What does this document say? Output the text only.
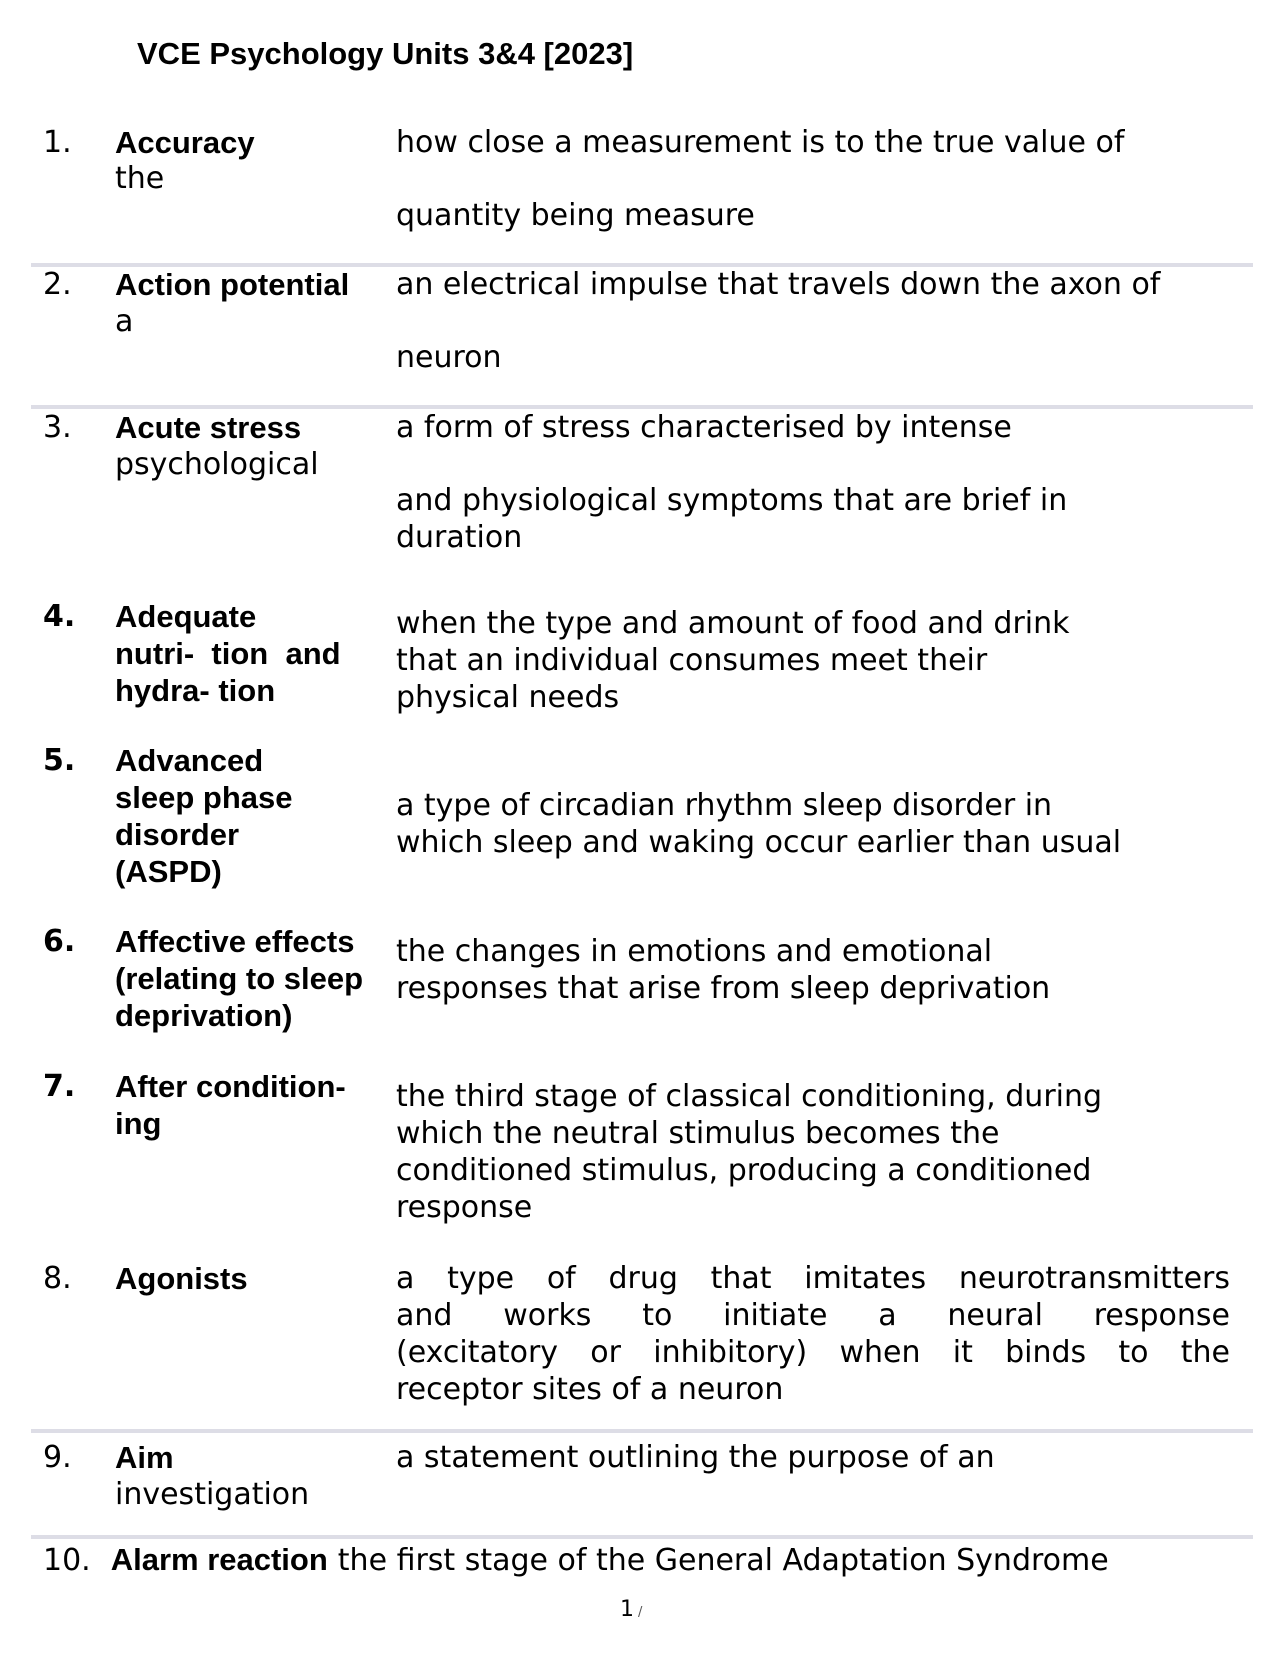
VCE Psychology Units 3&4 [2023]
1. Accuracy
the
how close a measurement is to the true value of
quantity being measure
2. Action potential
a
an electrical impulse that travels down the axon of
neuron
3. Acute stress
psychological
a form of stress characterised by intense
and physiological symptoms that are brief in
duration
4. Adequate
nutri-  tion  and
hydra- tion
when the type and amount of food and drink
that an individual consumes meet their
physical needs
5. Advanced
sleep phase
disorder
(ASPD)
a type of circadian rhythm sleep disorder in
which sleep and waking occur earlier than usual
6. Affective effects
(relating to sleep
deprivation)
the changes in emotions and emotional
responses that arise from sleep deprivation
7. After condition-
ing
the third stage of classical conditioning, during
which the neutral stimulus becomes the
conditioned stimulus, producing a conditioned
response
8. Agonists	a type of drug that imitates neurotransmitters
and works to initiate a neural response
(excitatory or inhibitory) when it binds to the
receptor sites of a neuron
9. Aim
investigation
a statement outlining the purpose of an
10. Alarm reaction the first stage of the General Adaptation Syndrome
1 /
